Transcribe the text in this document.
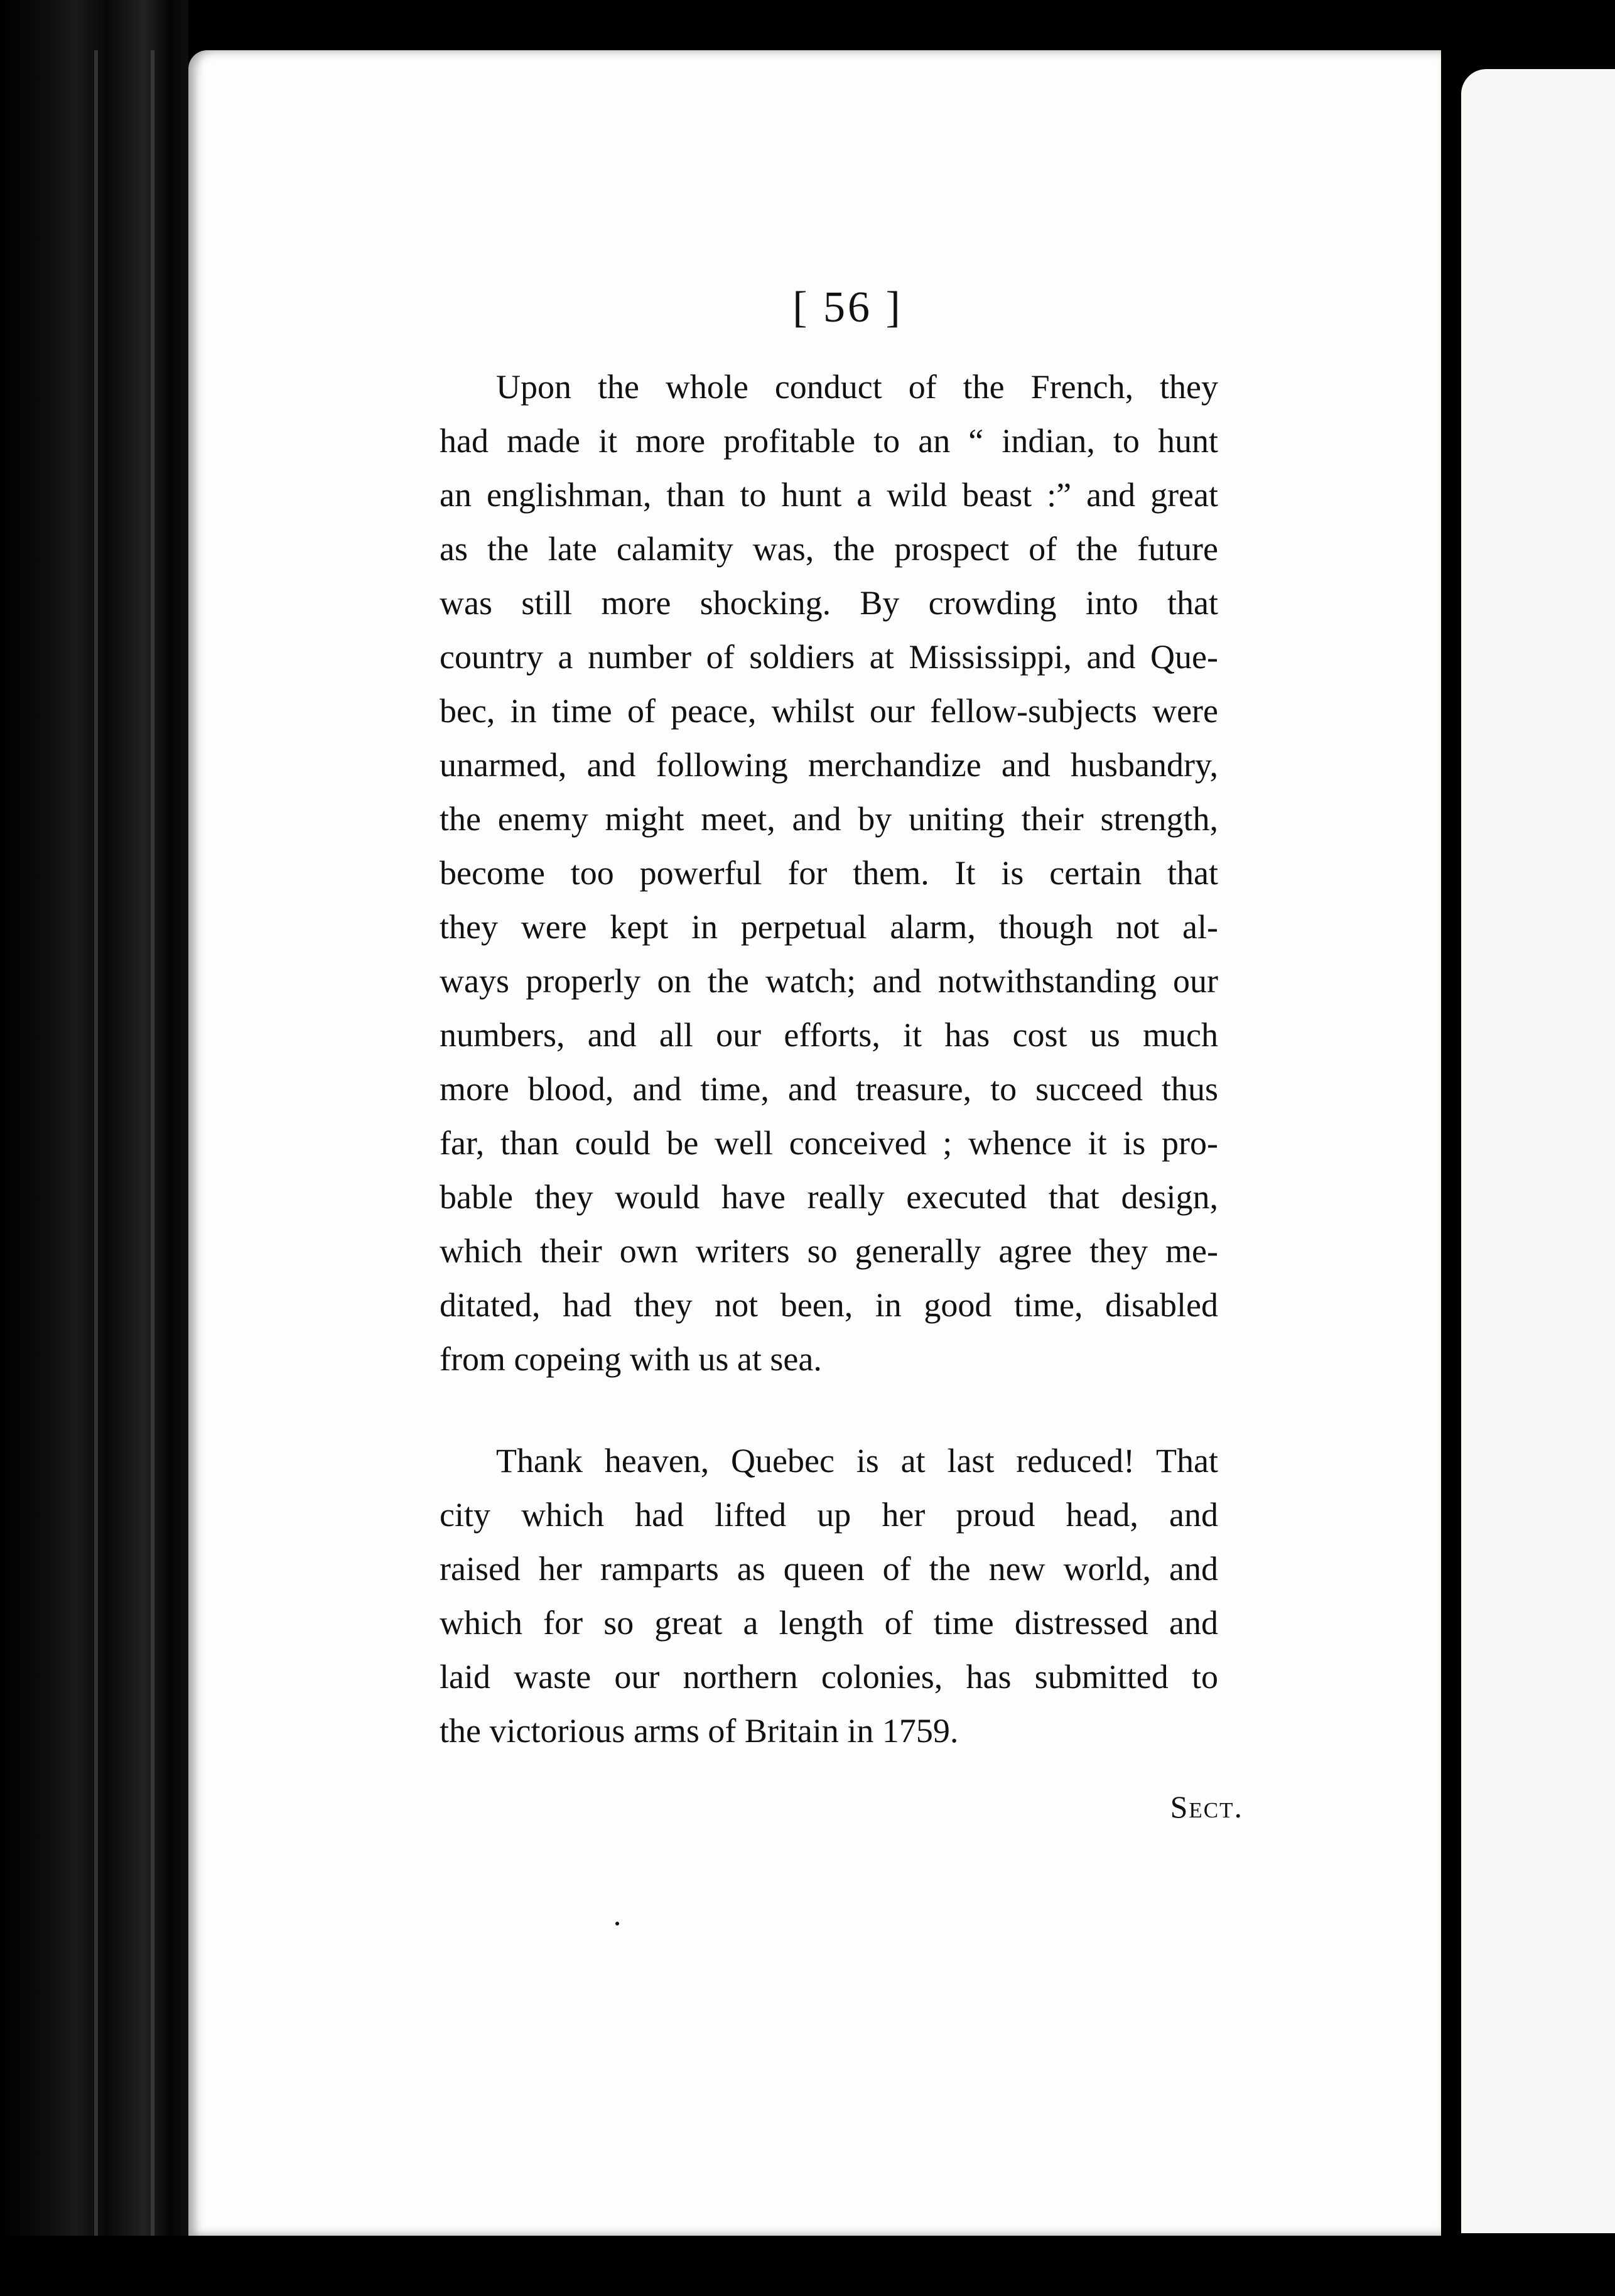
[ 56 ]
Upon the whole conduct of the French, they
had made it more profitable to an “ indian, to hunt
an englishman, than to hunt a wild beast :” and great
as the late calamity was, the prospect of the future
was still more shocking. By crowding into that
country a number of soldiers at Mississippi, and Que-
bec, in time of peace, whilst our fellow-subjects were
unarmed, and following merchandize and husbandry,
the enemy might meet, and by uniting their strength,
become too powerful for them. It is certain that
they were kept in perpetual alarm, though not al-
ways properly on the watch; and notwithstanding our
numbers, and all our efforts, it has cost us much
more blood, and time, and treasure, to succeed thus
far, than could be well conceived ; whence it is pro-
bable they would have really executed that design,
which their own writers so generally agree they me-
ditated, had they not been, in good time, disabled
from copeing with us at sea.
Thank heaven, Quebec is at last reduced! That
city which had lifted up her proud head, and
raised her ramparts as queen of the new world, and
which for so great a length of time distressed and
laid waste our northern colonies, has submitted to
the victorious arms of Britain in 1759.
Sect.
